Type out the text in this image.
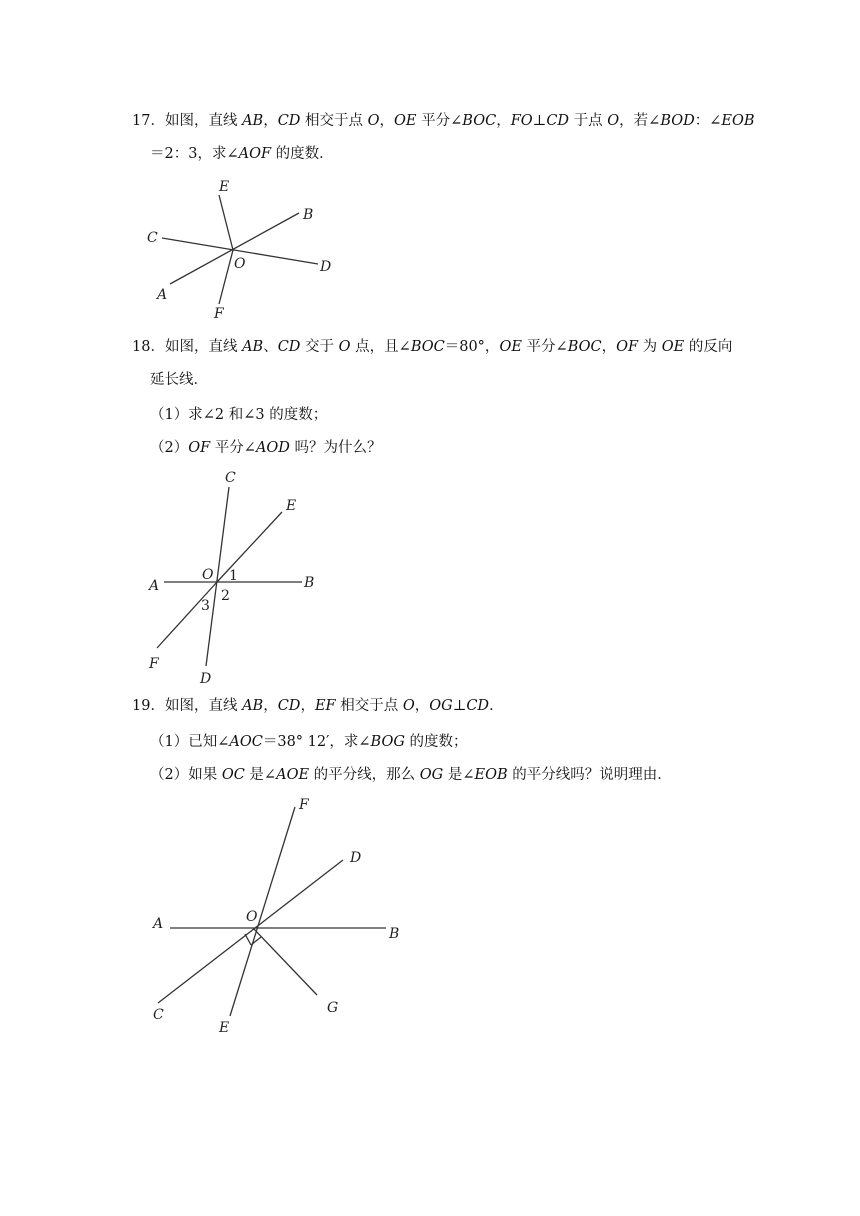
17．如图，直线 AB，CD 相交于点 O，OE 平分∠BOC，FO⊥CD 于点 O，若∠BOD：∠EOB
＝2：3，求∠AOF 的度数．
E
B
C
O	D
A
F
18．如图，直线 AB、CD 交于 O 点，且∠BOC＝80°，OE 平分∠BOC，OF 为 OE 的反向
延长线．
（1）求∠2 和∠3 的度数；
（2）OF 平分∠AOD 吗？为什么？
C
E
O 1
A	B
3
2
F
D
19．如图，直线 AB，CD，EF 相交于点 O，OG⊥CD．
（1）已知∠AOC＝38° 12′，求∠BOG 的度数；
（2）如果 OC 是∠AOE 的平分线，那么 OG 是∠EOB 的平分线吗？说明理由．
F
D
A	O
B
C
E
G
